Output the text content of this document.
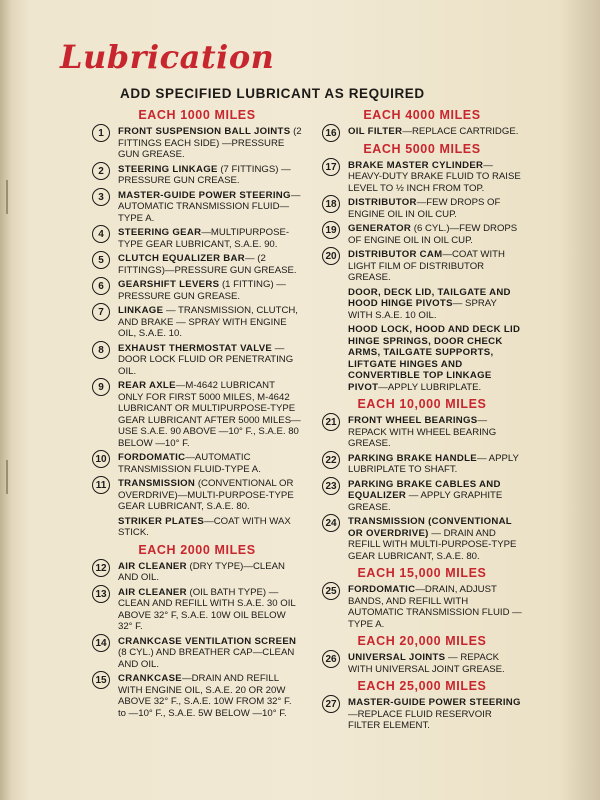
Lubrication
ADD SPECIFIED LUBRICANT AS REQUIRED
EACH 1000 MILES
1	FRONT SUSPENSION BALL JOINTS (2 FITTINGS EACH SIDE) —PRESSURE GUN GREASE.
2	STEERING LINKAGE (7 FITTINGS) —PRESSURE GUN CREASE.
3	MASTER-GUIDE POWER STEERING—AUTOMATIC TRANSMISSION FLUID—TYPE A.
4	STEERING GEAR—MULTIPURPOSE-TYPE GEAR LUBRICANT, S.A.E. 90.
5	CLUTCH EQUALIZER BAR— (2 FITTINGS)—PRESSURE GUN GREASE.
6	GEARSHIFT LEVERS (1 FITTING) —PRESSURE GUN GREASE.
7	LINKAGE — TRANSMISSION, CLUTCH, AND BRAKE — SPRAY WITH ENGINE OIL, S.A.E. 10.
8	EXHAUST THERMOSTAT VALVE —DOOR LOCK FLUID OR PENETRATING OIL.
9	REAR AXLE—M-4642 LUBRICANT ONLY FOR FIRST 5000 MILES, M-4642 LUBRICANT OR MULTIPURPOSE-TYPE GEAR LUBRICANT AFTER 5000 MILES—USE S.A.E. 90 ABOVE —10° F., S.A.E. 80 BELOW —10° F.
10	FORDOMATIC—AUTOMATIC TRANSMISSION FLUID-TYPE A.
11	TRANSMISSION (CONVENTIONAL OR OVERDRIVE)—MULTI-PURPOSE-TYPE GEAR LUBRICANT, S.A.E. 80.
STRIKER PLATES—COAT WITH WAX STICK.
EACH 2000 MILES
12	AIR CLEANER (DRY TYPE)—CLEAN AND OIL.
13	AIR CLEANER (OIL BATH TYPE) —CLEAN AND REFILL WITH S.A.E. 30 OIL ABOVE 32° F, S.A.E. 10W OIL BELOW 32° F.
14	CRANKCASE VENTILATION SCREEN (8 CYL.) AND BREATHER CAP—CLEAN AND OIL.
15	CRANKCASE—DRAIN AND REFILL WITH ENGINE OIL, S.A.E. 20 OR 20W ABOVE 32° F., S.A.E. 10W FROM 32° F. to —10° F., S.A.E. 5W BELOW —10° F.
EACH 4000 MILES
16	OIL FILTER—REPLACE CARTRIDGE.
EACH 5000 MILES
17	BRAKE MASTER CYLINDER— HEAVY-DUTY BRAKE FLUID TO RAISE LEVEL TO ½ INCH FROM TOP.
18	DISTRIBUTOR—FEW DROPS OF ENGINE OIL IN OIL CUP.
19	GENERATOR (6 CYL.)—FEW DROPS OF ENGINE OIL IN OIL CUP.
20	DISTRIBUTOR CAM—COAT WITH LIGHT FILM OF DISTRIBUTOR GREASE.
DOOR, DECK LID, TAILGATE AND HOOD HINGE PIVOTS— SPRAY WITH S.A.E. 10 OIL.
HOOD LOCK, HOOD AND DECK LID HINGE SPRINGS, DOOR CHECK ARMS, TAILGATE SUPPORTS, LIFTGATE HINGES AND CONVERTIBLE TOP LINKAGE PIVOT—APPLY LUBRIPLATE.
EACH 10,000 MILES
21	FRONT WHEEL BEARINGS— REPACK WITH WHEEL BEARING GREASE.
22	PARKING BRAKE HANDLE— APPLY LUBRIPLATE TO SHAFT.
23	PARKING BRAKE CABLES AND EQUALIZER — APPLY GRAPHITE GREASE.
24	TRANSMISSION (CONVENTIONAL OR OVERDRIVE) — DRAIN AND REFILL WITH MULTI-PURPOSE-TYPE GEAR LUBRICANT, S.A.E. 80.
EACH 15,000 MILES
25	FORDOMATIC—DRAIN, ADJUST BANDS, AND REFILL WITH AUTOMATIC TRANSMISSION FLUID — TYPE A.
EACH 20,000 MILES
26	UNIVERSAL JOINTS — REPACK WITH UNIVERSAL JOINT GREASE.
EACH 25,000 MILES
27	MASTER-GUIDE POWER STEERING—REPLACE FLUID RESERVOIR FILTER ELEMENT.
